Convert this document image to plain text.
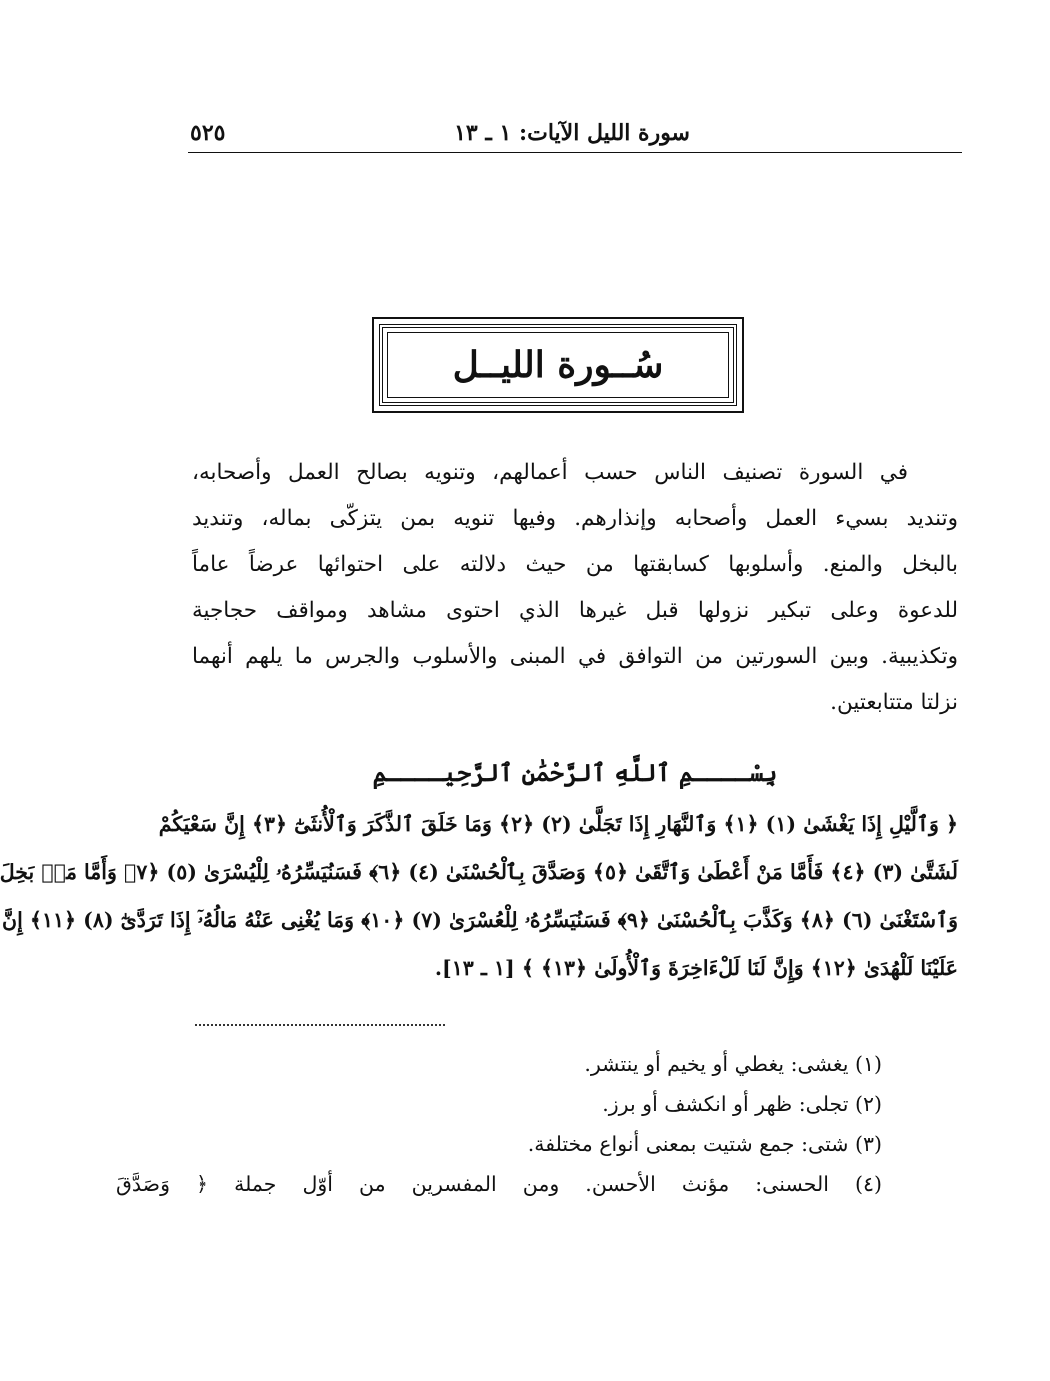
سورة الليل الآيات: ١ ـ ١٣
٥٢٥
سُــورة الليــل
في السورة تصنيف الناس حسب أعمالهم، وتنويه بصالح العمل وأصحابه،
وتنديد بسيء العمل وأصحابه وإنذارهم. وفيها تنويه بمن يتزكّى بماله، وتنديد
بالبخل والمنع. وأسلوبها كسابقتها من حيث دلالته على احتوائها عرضاً عاماً
للدعوة وعلى تبكير نزولها قبل غيرها الذي احتوى مشاهد ومواقف حجاجية
وتكذيبية. وبين السورتين من التوافق في المبنى والأسلوب والجرس ما يلهم أنهما
نزلتا متتابعتين.
بِسْــــمِ ٱللَّهِ ٱلرَّحْمَٰنِ ٱلرَّحِيــــمِ
﴿ وَٱلَّيْلِ إِذَا يَغْشَىٰ (١) ﴿١﴾ وَٱلنَّهَارِ إِذَا تَجَلَّىٰ (٢) ﴿٢﴾ وَمَا خَلَقَ ٱلذَّكَرَ وَٱلْأُنثَىٰٓ ﴿٣﴾ إِنَّ سَعْيَكُمْ
لَشَتَّىٰ (٣) ﴿٤﴾ فَأَمَّا مَنْ أَعْطَىٰ وَٱتَّقَىٰ ﴿٥﴾ وَصَدَّقَ بِٱلْحُسْنَىٰ (٤) ﴿٦﴾ فَسَنُيَسِّرُهُۥ لِلْيُسْرَىٰ (٥) ﴿٧﴾ وَأَمَّا مَنۢ بَخِلَ
وَٱسْتَغْنَىٰ (٦) ﴿٨﴾ وَكَذَّبَ بِٱلْحُسْنَىٰ ﴿٩﴾ فَسَنُيَسِّرُهُۥ لِلْعُسْرَىٰ (٧) ﴿١٠﴾ وَمَا يُغْنِى عَنْهُ مَالُهُۥٓ إِذَا تَرَدَّىٰٓ (٨) ﴿١١﴾ إِنَّ
عَلَيْنَا لَلْهُدَىٰ ﴿١٢﴾ وَإِنَّ لَنَا لَلْءَاخِرَةَ وَٱلْأُولَىٰ ﴿١٣﴾ ﴾ [١ ـ ١٣].
(١) يغشى: يغطي أو يخيم أو ينتشر.
(٢) تجلى: ظهر أو انكشف أو برز.
(٣) شتى: جمع شتيت بمعنى أنواع مختلفة.
(٤) الحسنى: مؤنث الأحسن. ومن المفسرين من أوّل جملة ﴿ وَصَدَّقَ
